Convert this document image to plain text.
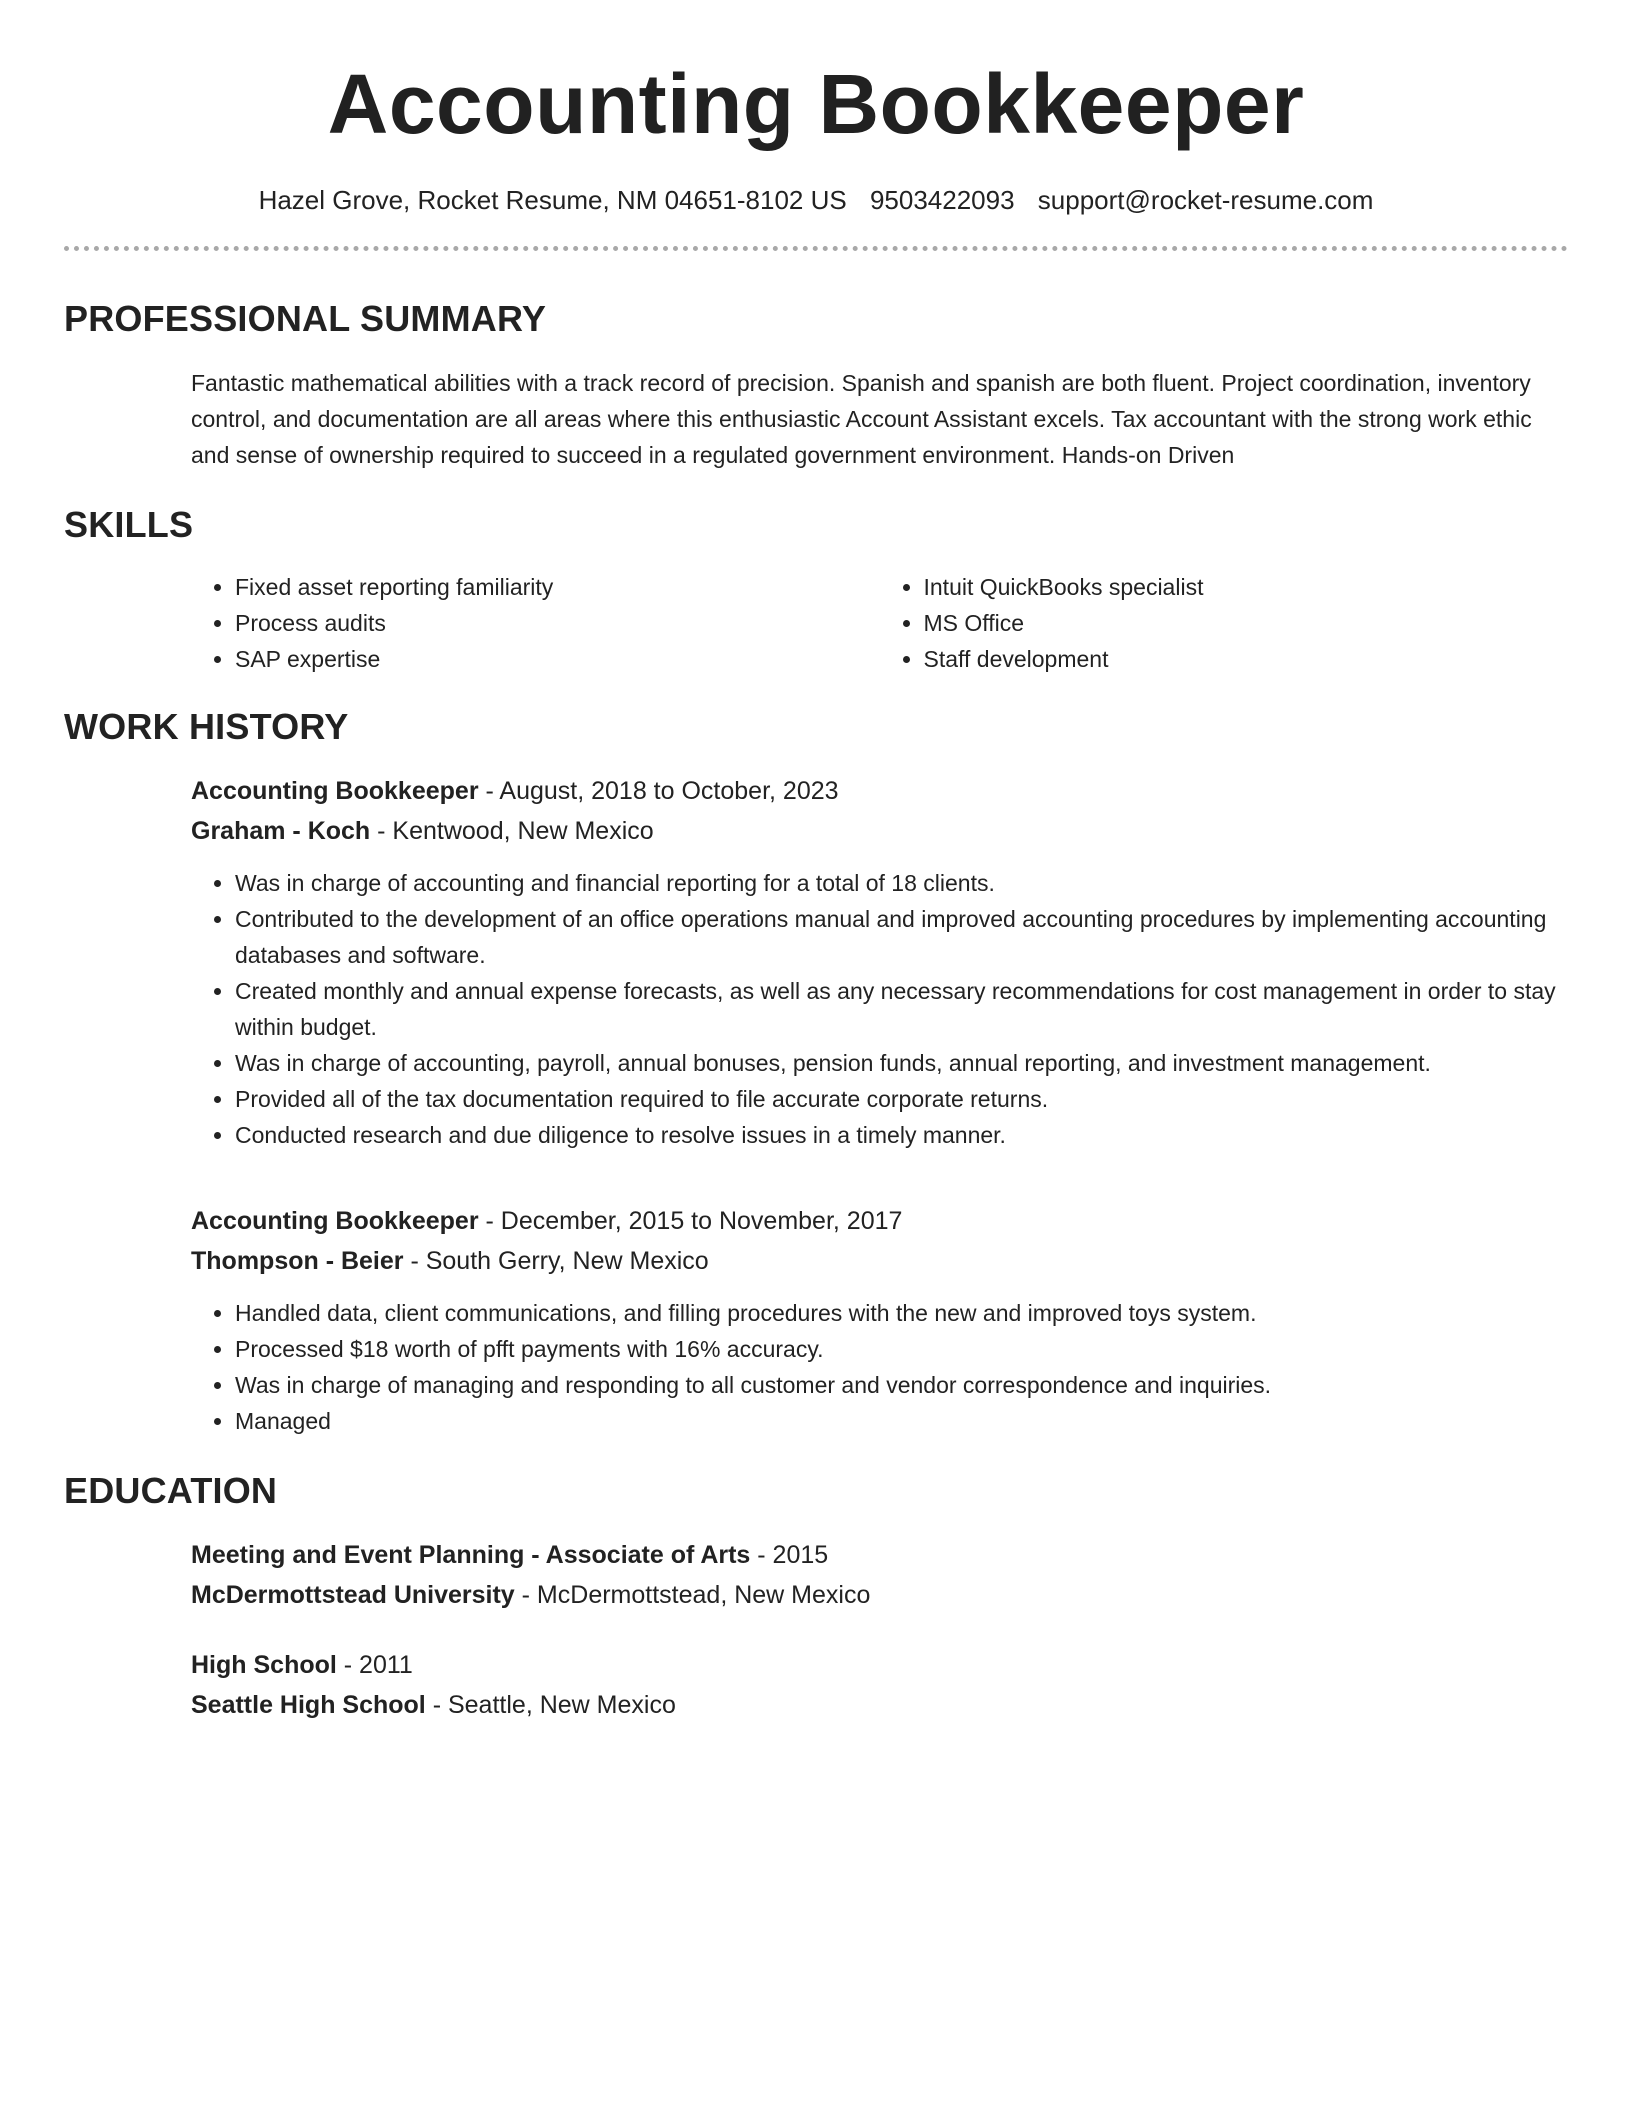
Accounting Bookkeeper
Hazel Grove, Rocket Resume, NM 04651-8102 US 9503422093 support@rocket-resume.com
PROFESSIONAL SUMMARY

Fantastic mathematical abilities with a track record of precision. Spanish and spanish are both fluent. Project coordination, inventory control, and documentation are all areas where this enthusiastic Account Assistant excels. Tax accountant with the strong work ethic and sense of ownership required to succeed in a regulated government environment. Hands-on Driven

SKILLS
• Fixed asset reporting familiarity
• Process audits
• SAP expertise
• Intuit QuickBooks specialist
• MS Office
• Staff development
WORK HISTORY
Accounting Bookkeeper - August, 2018 to October, 2023
Graham - Koch - Kentwood, New Mexico
• Was in charge of accounting and financial reporting for a total of 18 clients.
• Contributed to the development of an office operations manual and improved accounting procedures by implementing accounting databases and software.
• Created monthly and annual expense forecasts, as well as any necessary recommendations for cost management in order to stay within budget.
• Was in charge of accounting, payroll, annual bonuses, pension funds, annual reporting, and investment management.
• Provided all of the tax documentation required to file accurate corporate returns.
• Conducted research and due diligence to resolve issues in a timely manner.
Accounting Bookkeeper - December, 2015 to November, 2017
Thompson - Beier - South Gerry, New Mexico
• Handled data, client communications, and filling procedures with the new and improved toys system.
• Processed $18 worth of pfft payments with 16% accuracy.
• Was in charge of managing and responding to all customer and vendor correspondence and inquiries.
• Managed
EDUCATION
Meeting and Event Planning - Associate of Arts - 2015
McDermottstead University - McDermottstead, New Mexico
High School - 2011
Seattle High School - Seattle, New Mexico
